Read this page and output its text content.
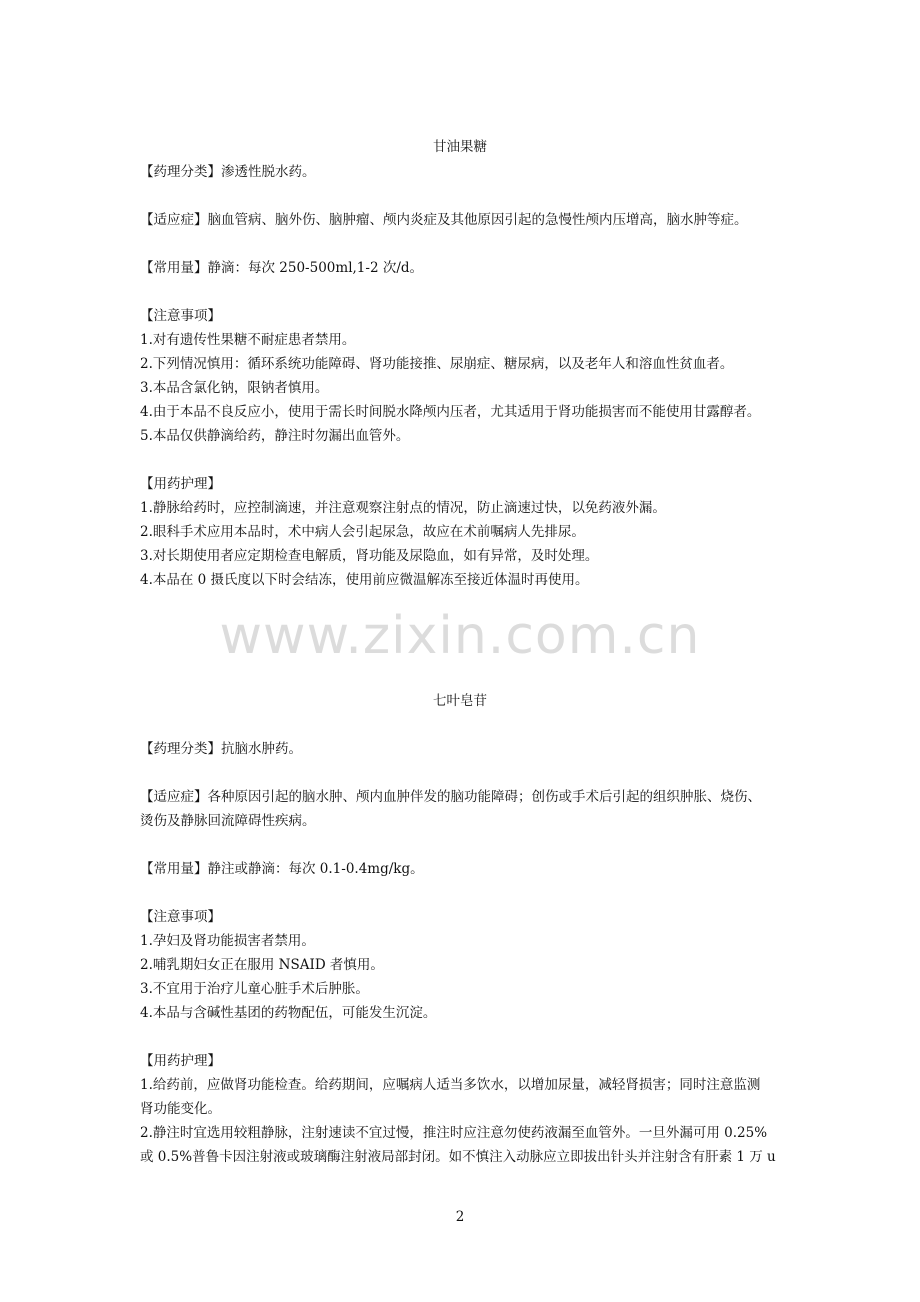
甘油果糖
【药理分类】渗透性脱水药。
【适应症】脑血管病、脑外伤、脑肿瘤、颅内炎症及其他原因引起的急慢性颅内压增高，脑水肿等症。
【常用量】静滴：每次 250-500ml,1-2 次/d。
【注意事项】
1.对有遗传性果糖不耐症患者禁用。
2.下列情况慎用：循环系统功能障碍、肾功能接推、尿崩症、糖尿病，以及老年人和溶血性贫血者。
3.本品含氯化钠，限钠者慎用。
4.由于本品不良反应小，使用于需长时间脱水降颅内压者，尤其适用于肾功能损害而不能使用甘露醇者。
5.本品仅供静滴给药，静注时勿漏出血管外。
【用药护理】
1.静脉给药时，应控制滴速，并注意观察注射点的情况，防止滴速过快，以免药液外漏。
2.眼科手术应用本品时，术中病人会引起尿急，故应在术前嘱病人先排尿。
3.对长期使用者应定期检查电解质，肾功能及尿隐血，如有异常，及时处理。
4.本品在 0 摄氏度以下时会结冻，使用前应微温解冻至接近体温时再使用。
www.zixin.com.cn
七叶皂苷
【药理分类】抗脑水肿药。
【适应症】各种原因引起的脑水肿、颅内血肿伴发的脑功能障碍；创伤或手术后引起的组织肿胀、烧伤、
烫伤及静脉回流障碍性疾病。
【常用量】静注或静滴：每次 0.1-0.4mg/kg。
【注意事项】
1.孕妇及肾功能损害者禁用。
2.哺乳期妇女正在服用 NSAID 者慎用。
3.不宜用于治疗儿童心脏手术后肿胀。
4.本品与含碱性基团的药物配伍，可能发生沉淀。
【用药护理】
1.给药前，应做肾功能检查。给药期间，应嘱病人适当多饮水，以增加尿量，减轻肾损害；同时注意监测
肾功能变化。
2.静注时宜选用较粗静脉，注射速读不宜过慢，推注时应注意勿使药液漏至血管外。一旦外漏可用 0.25%
或 0.5%普鲁卡因注射液或玻璃酶注射液局部封闭。如不慎注入动脉应立即拔出针头并注射含有肝素 1 万 u
2
